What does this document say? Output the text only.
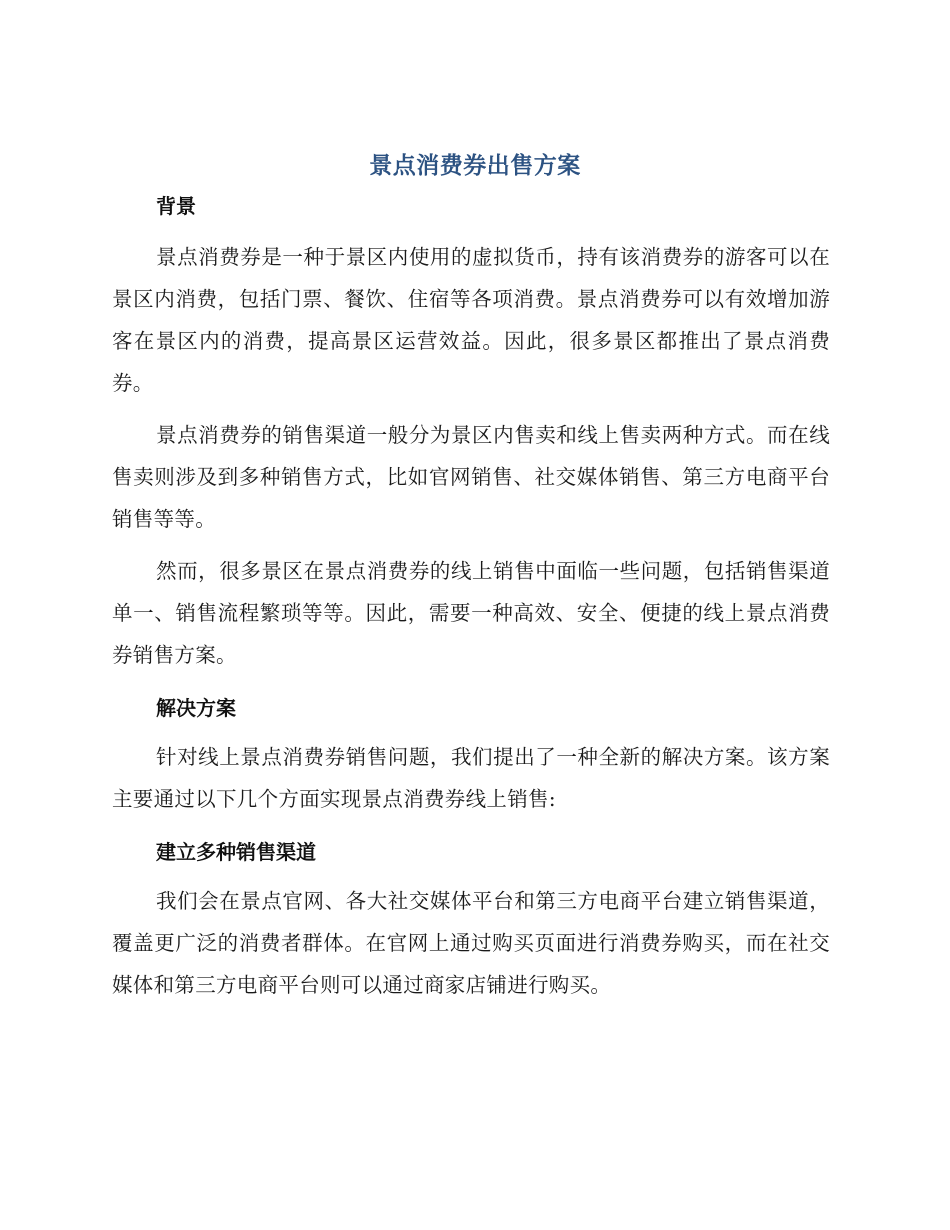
景点消费券出售方案
背景

景点消费券是一种于景区内使用的虚拟货币，持有该消费券的游客可以在景区内消费，包括门票、餐饮、住宿等各项消费。景点消费券可以有效增加游客在景区内的消费，提高景区运营效益。因此，很多景区都推出了景点消费券。

景点消费券的销售渠道一般分为景区内售卖和线上售卖两种方式。而在线售卖则涉及到多种销售方式，比如官网销售、社交媒体销售、第三方电商平台销售等等。

然而，很多景区在景点消费券的线上销售中面临一些问题，包括销售渠道单一、销售流程繁琐等等。因此，需要一种高效、安全、便捷的线上景点消费券销售方案。

解决方案

针对线上景点消费券销售问题，我们提出了一种全新的解决方案。该方案主要通过以下几个方面实现景点消费券线上销售:

建立多种销售渠道

我们会在景点官网、各大社交媒体平台和第三方电商平台建立销售渠道，覆盖更广泛的消费者群体。在官网上通过购买页面进行消费券购买，而在社交媒体和第三方电商平台则可以通过商家店铺进行购买。
